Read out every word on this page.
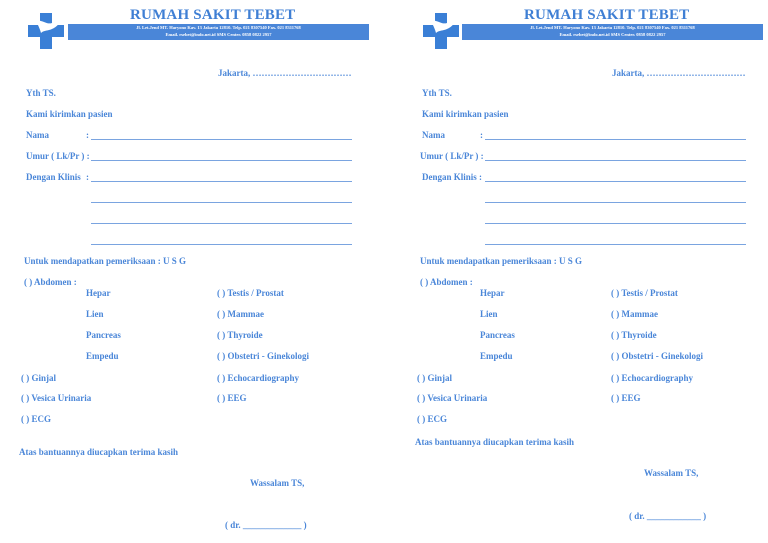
RUMAH SAKIT TEBET
Jl. Let.Jend MT. Haryono Kav. 13 Jakarta 12810. Telp. 021 8307540 Fax. 021 8311768
Email. rsebet@indo.net.id SMS Center. 0858 0822 2957
Jakarta, ……………………………
Yth TS.
Kami kirimkan pasien
Nama	:
Umur ( Lk/Pr ) :
Dengan Klinis :
Untuk mendapatkan pemeriksaan : U S G
( ) Abdomen :
Hepar
Lien
Pancreas
Empedu
( ) Testis / Prostat
( ) Mammae
( ) Thyroide
( ) Obstetri - Ginekologi
( ) Echocardiography
( ) EEG
( ) Ginjal
( ) Vesica Urinaria
( ) ECG
Atas bantuannya diucapkan terima kasih
Wassalam TS,
( dr. _____________ )
RUMAH SAKIT TEBET
Jl. Let.Jend MT. Haryono Kav. 13 Jakarta 12810. Telp. 021 8307540 Fax. 021 8311768
Email. rsebet@indo.net.id SMS Center. 0858 0822 2957
Jakarta, ……………………………
Yth TS.
Kami kirimkan pasien
Nama	:
Umur ( Lk/Pr ) :
Dengan Klinis :
Untuk mendapatkan pemeriksaan : U S G
( ) Abdomen :
Hepar
Lien
Pancreas
Empedu
( ) Testis / Prostat
( ) Mammae
( ) Thyroide
( ) Obstetri - Ginekologi
( ) Echocardiography
( ) EEG
( ) Ginjal
( ) Vesica Urinaria
( ) ECG
Atas bantuannya diucapkan terima kasih
Wassalam TS,
( dr. ____________ )
